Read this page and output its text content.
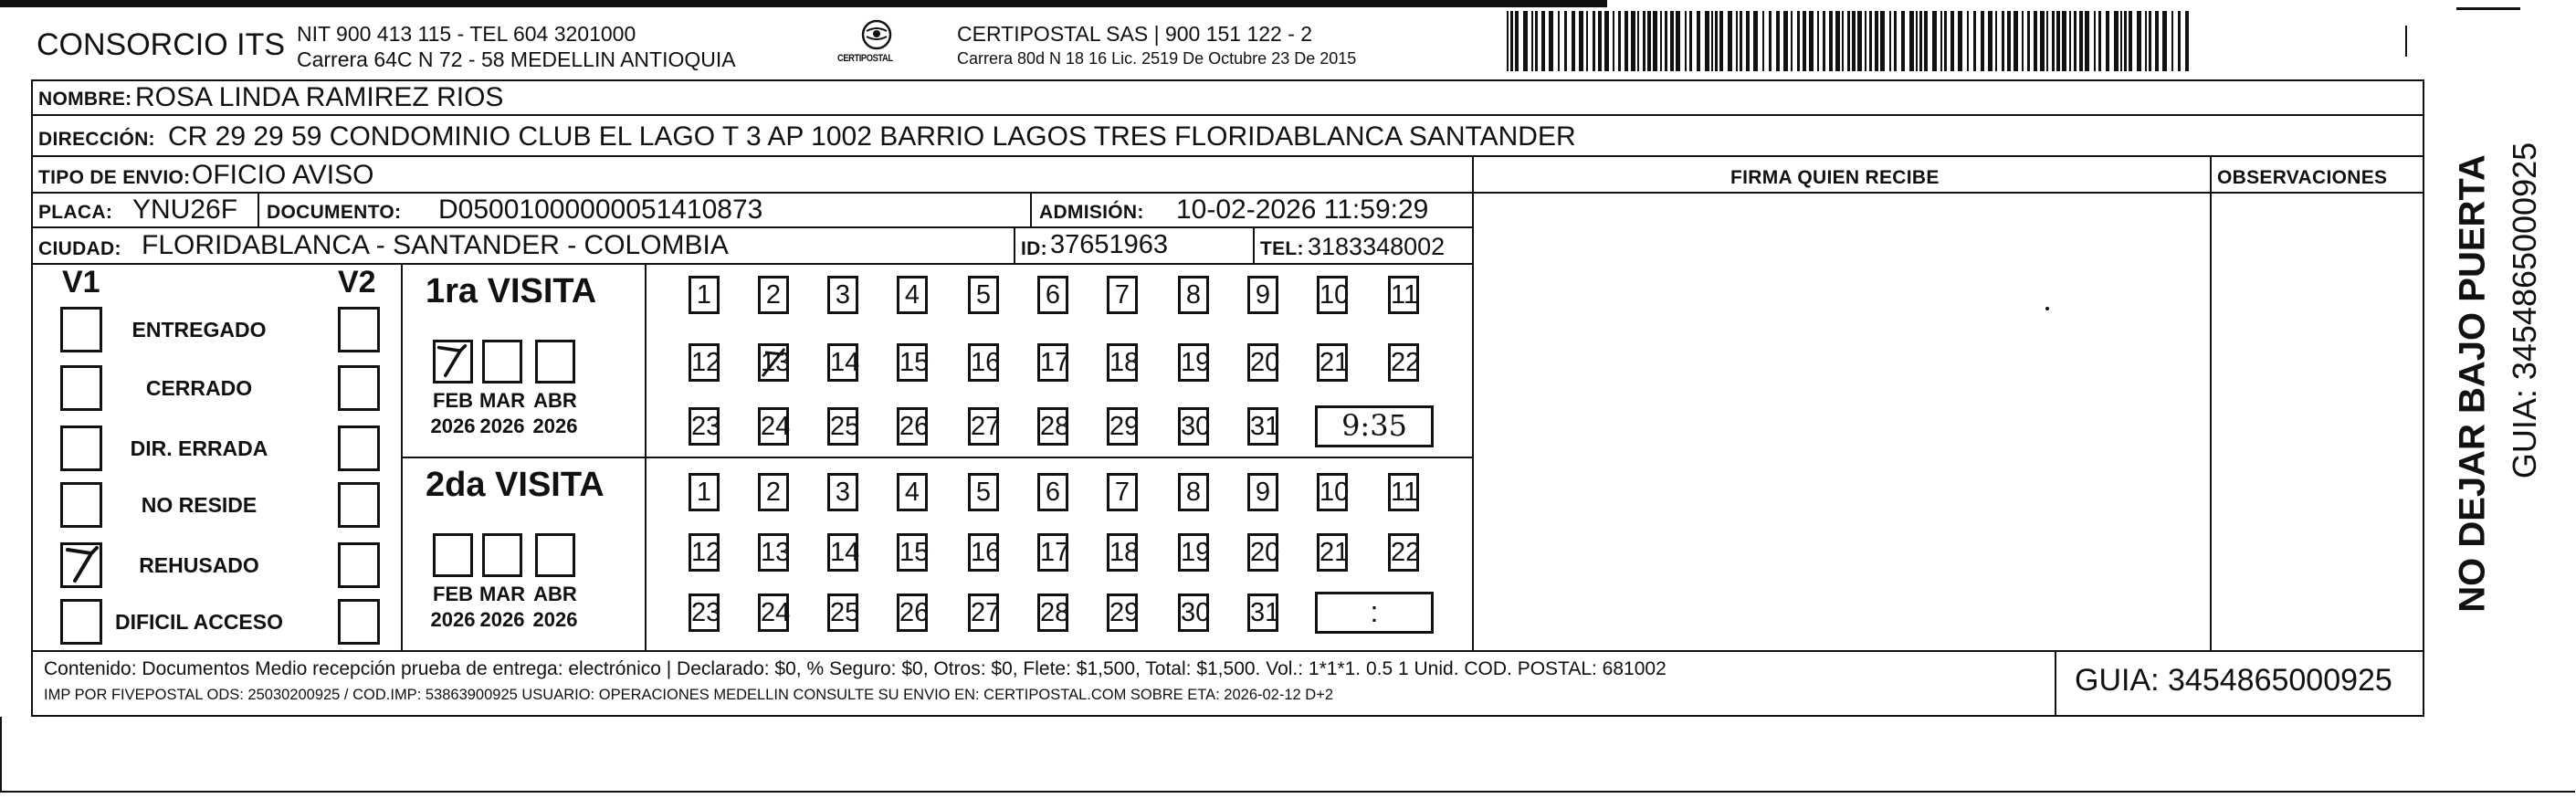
CONSORCIO ITS NIT 900 413 115 - TEL 604 3201000
Carrera 64C N 72 - 58 MEDELLIN ANTIOQUIA	CERTIPOSTAL
CERTIPOSTAL SAS | 900 151 122 - 2
Carrera 80d N 18 16 Lic. 2519 De Octubre 23 De 2015
NOMBRE: ROSA LINDA RAMIREZ RIOS
DIRECCIÓN: CR 29 29 59 CONDOMINIO CLUB EL LAGO T 3 AP 1002 BARRIO LAGOS TRES FLORIDABLANCA SANTANDER
TIPO DE ENVIO: OFICIO AVISO	FIRMA QUIEN RECIBE	OBSERVACIONES
PLACA: YNU26F DOCUMENTO: D05001000000051410873	ADMISIÓN: 10-02-2026 11:59:29
CIUDAD: FLORIDABLANCA - SANTANDER - COLOMBIA	ID: 37651963	TEL: 3183348002
V1	V2
ENTREGADO
CERRADO
DIR. ERRADA
NO RESIDE
REHUSADO
DIFICIL ACCESO
1ra VISITA
2da VISITA
FEB
2026
MAR
2026
ABR
2026
FEB
2026
MAR
2026
ABR
2026
1	2	3	4	5	6	7	8	9	10 11
12 13 14 15 16 17 18 19 20 21 22
23 24 25 26 27 28 29 30 31	9:35
1	2	3	4	5	6	7	8	9	10 11
12 13 14 15 16 17 18 19 20 21 22
23 24 25 26 27 28 29 30 31	:
Contenido: Documentos Medio recepción prueba de entrega: electrónico | Declarado: $0, % Seguro: $0, Otros: $0, Flete: $1,500, Total: $1,500. Vol.: 1*1*1. 0.5 1 Unid. COD. POSTAL: 681002
IMP POR FIVEPOSTAL ODS: 25030200925 / COD.IMP: 53863900925 USUARIO: OPERACIONES MEDELLIN CONSULTE SU ENVIO EN: CERTIPOSTAL.COM SOBRE ETA: 2026-02-12 D+2	GUIA: 3454865000925
NO DEJAR BAJO PUERTA GUIA: 3454865000925
